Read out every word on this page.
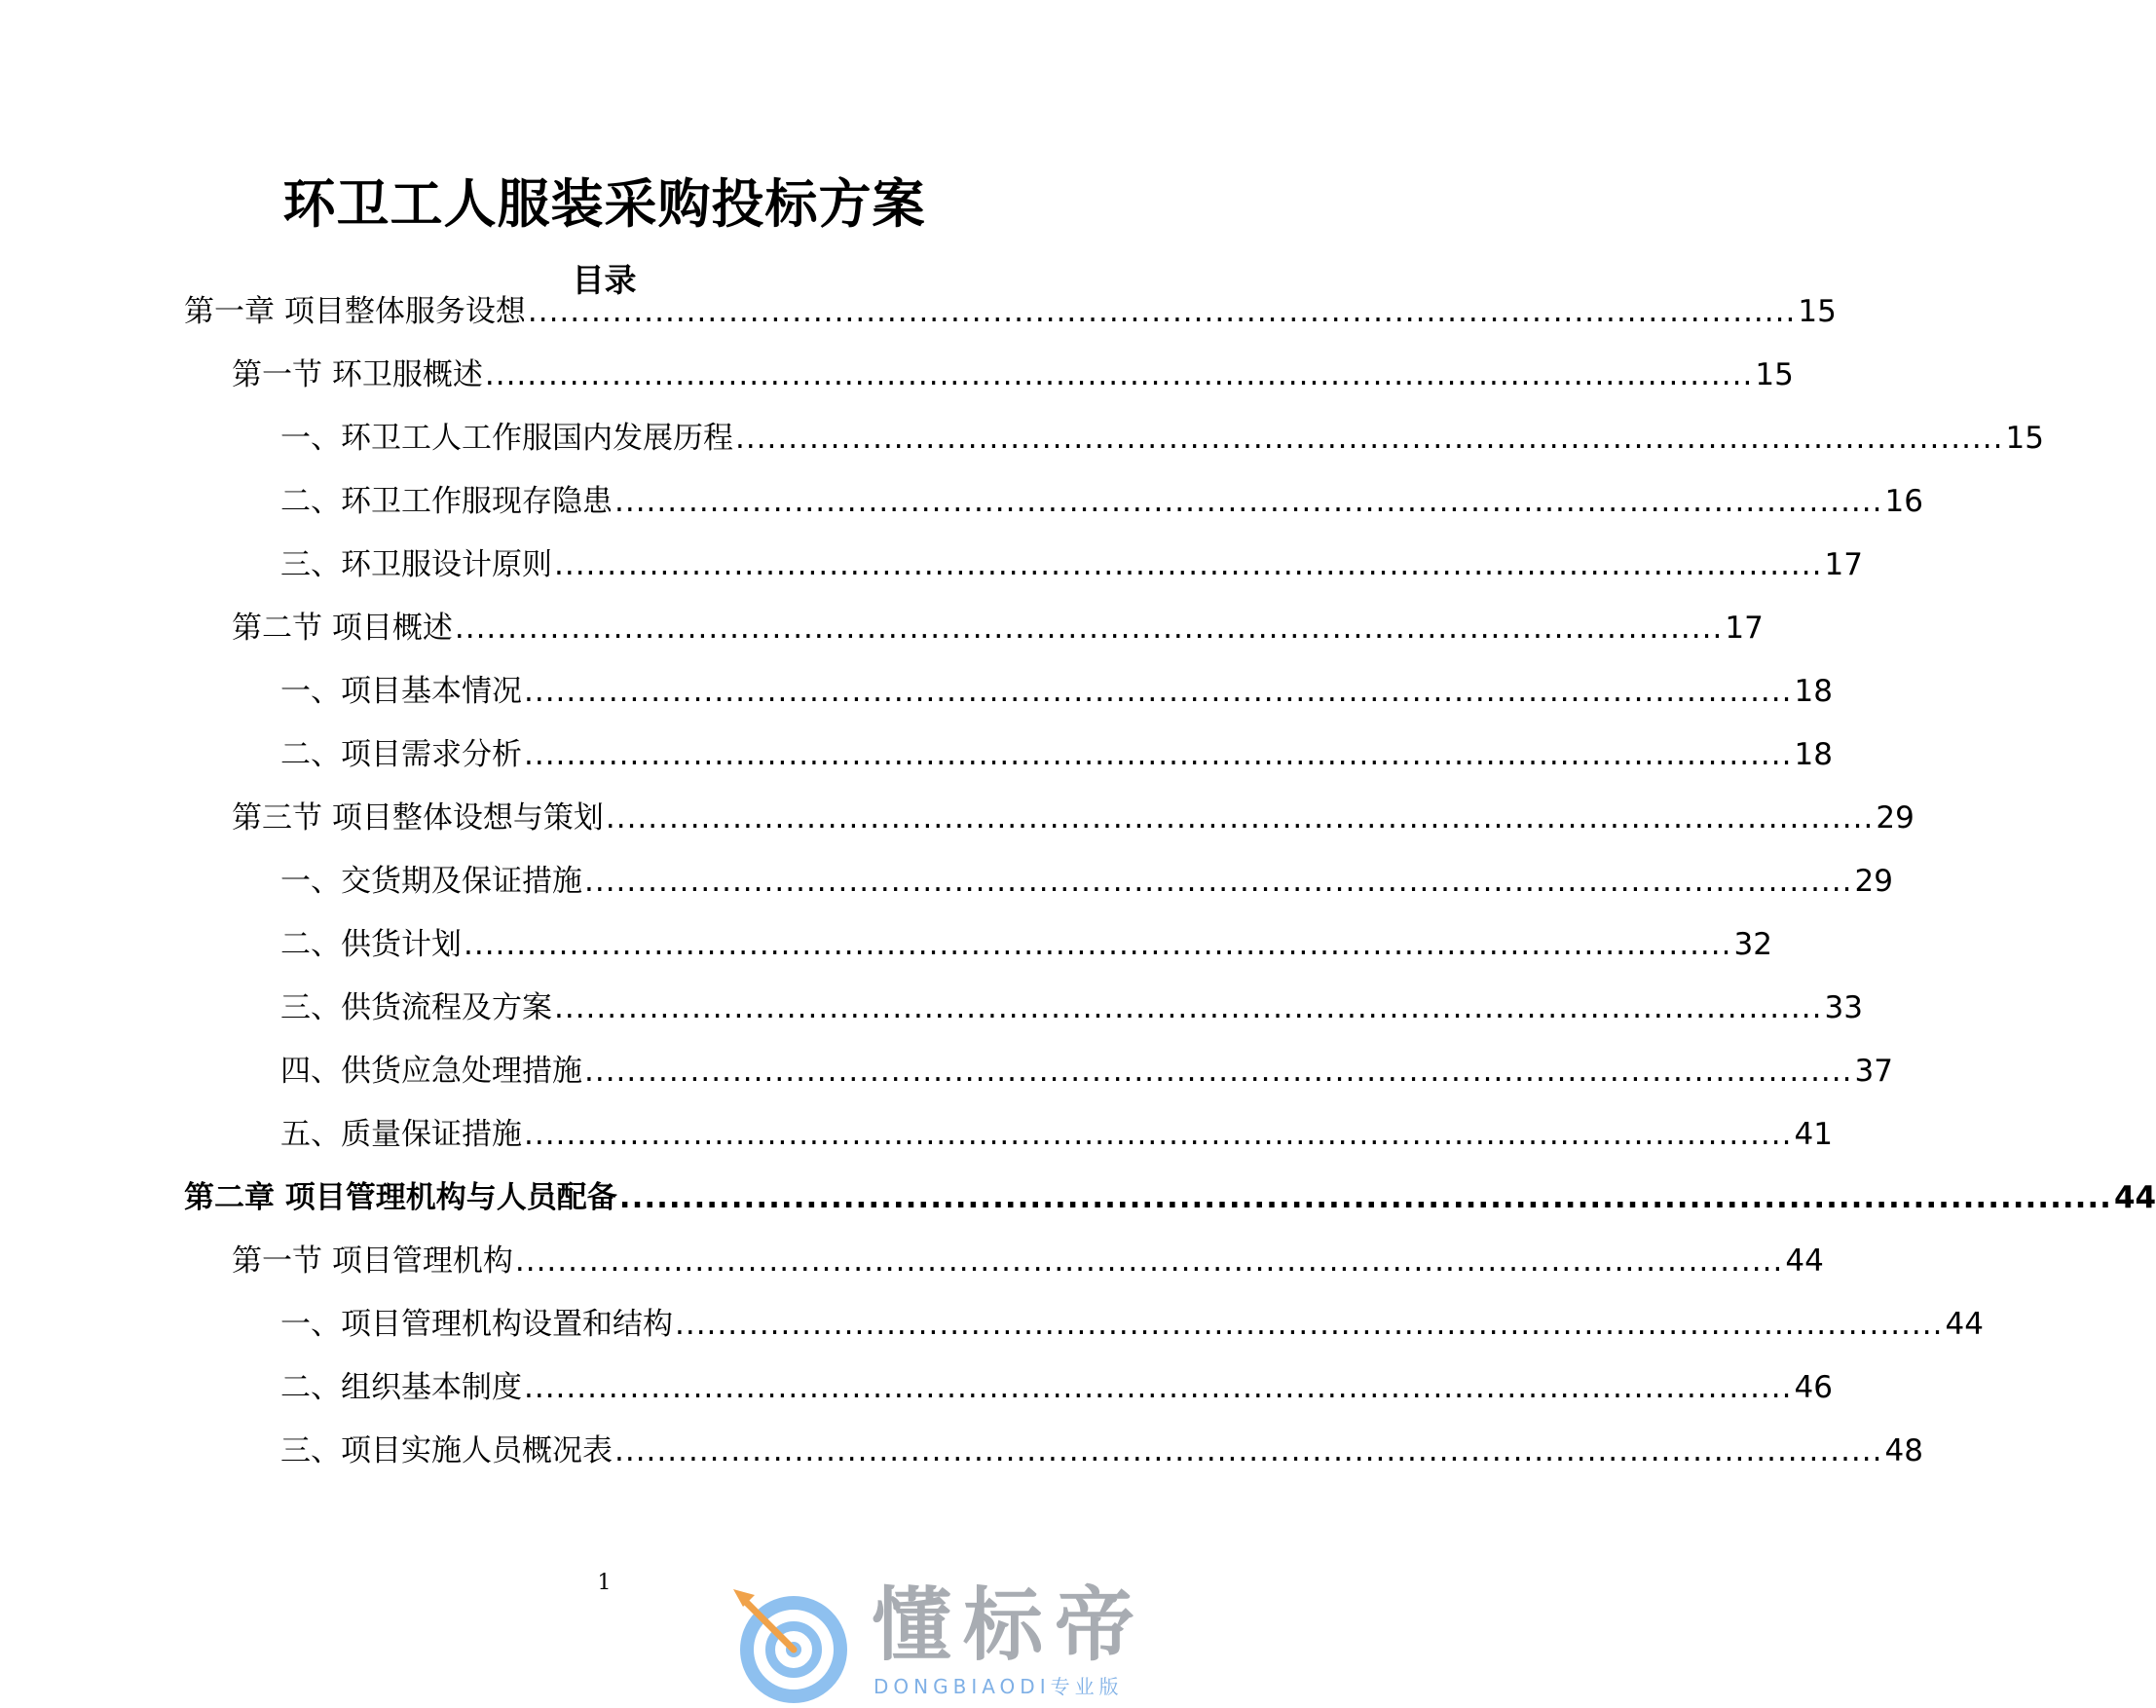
环卫工人服装采购投标方案
目录
第一章 项目整体服务设想 ........................................................................................................................ 15
第一节 环卫服概述 ........................................................................................................................ 15
一、环卫工人工作服国内发展历程 ........................................................................................................................ 15
二、环卫工作服现存隐患 ........................................................................................................................ 16
三、环卫服设计原则 ........................................................................................................................ 17
第二节 项目概述 ........................................................................................................................ 17
一、项目基本情况 ........................................................................................................................ 18
二、项目需求分析 ........................................................................................................................ 18
第三节 项目整体设想与策划 ........................................................................................................................ 29
一、交货期及保证措施 ........................................................................................................................ 29
二、供货计划 ........................................................................................................................ 32
三、供货流程及方案 ........................................................................................................................ 33
四、供货应急处理措施 ........................................................................................................................ 37
五、质量保证措施 ........................................................................................................................ 41
第二章 项目管理机构与人员配备 ........................................................................................................................ 44
第一节 项目管理机构 ........................................................................................................................ 44
一、项目管理机构设置和结构 ........................................................................................................................ 44
二、组织基本制度 ........................................................................................................................ 46
三、项目实施人员概况表 ........................................................................................................................ 48
1	懂标帝
DONGBIAODI专业版
